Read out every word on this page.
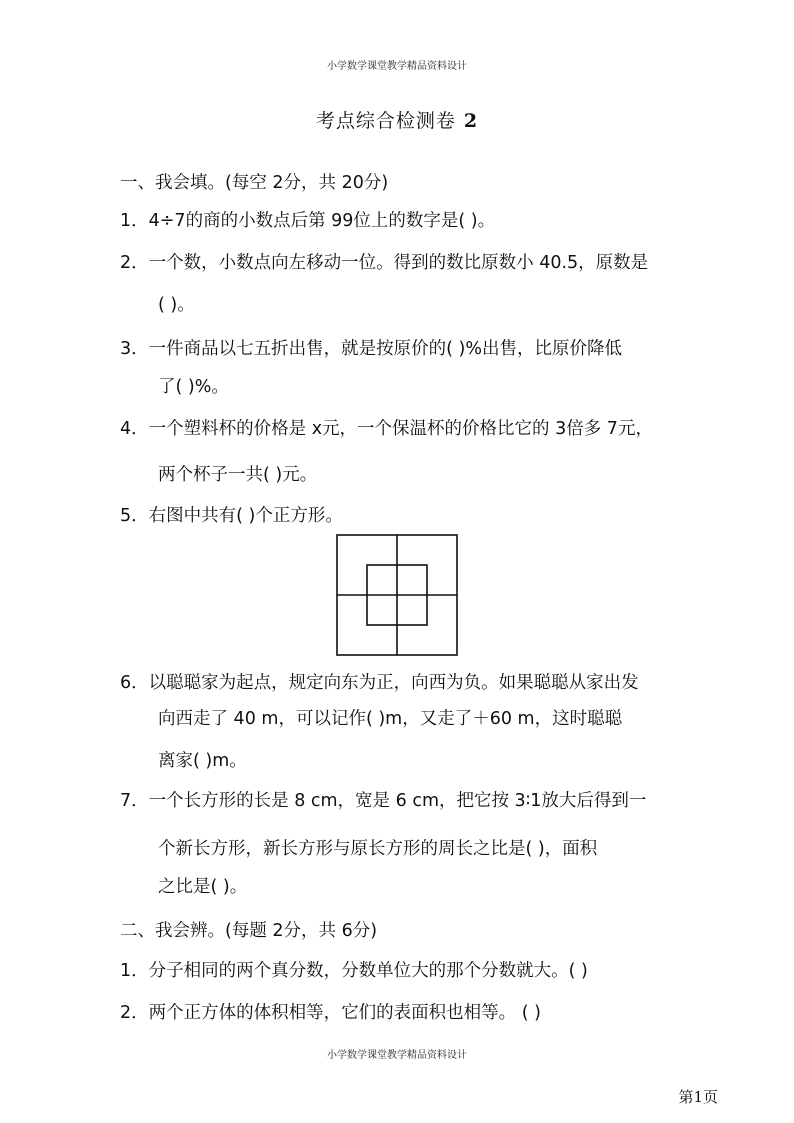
小学数学课堂教学精品资料设计
考点综合检测卷 2
一、我会填。(每空 2分，共 20分)
1．4÷7的商的小数点后第 99位上的数字是( )。
2．一个数，小数点向左移动一位。得到的数比原数小 40.5，原数是
( )。
3．一件商品以七五折出售，就是按原价的( )%出售，比原价降低
了( )%。
4．一个塑料杯的价格是 x元，一个保温杯的价格比它的 3倍多 7元，
两个杯子一共( )元。
5．右图中共有( )个正方形。
6．以聪聪家为起点，规定向东为正，向西为负。如果聪聪从家出发
向西走了 40 m，可以记作( )m，又走了＋60 m，这时聪聪
离家( )m。
7．一个长方形的长是 8 cm，宽是 6 cm，把它按 3∶1放大后得到一
个新长方形，新长方形与原长方形的周长之比是( )，面积
之比是( )。
二、我会辨。(每题 2分，共 6分)
1．分子相同的两个真分数，分数单位大的那个分数就大。( )
2．两个正方体的体积相等，它们的表面积也相等。 ( )
小学数学课堂教学精品资料设计
第1页
